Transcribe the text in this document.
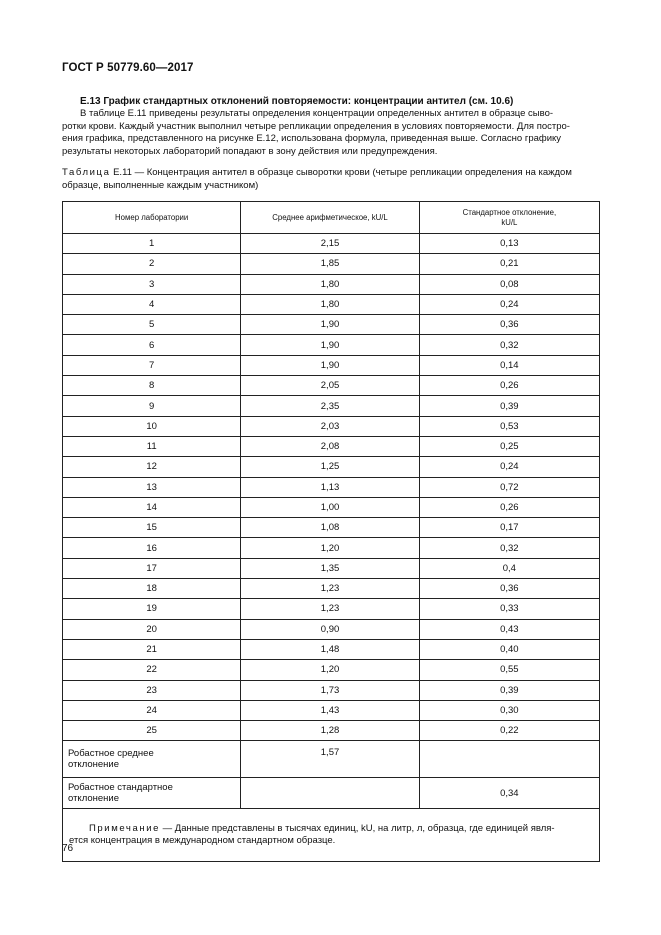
ГОСТ Р 50779.60—2017
E.13 График стандартных отклонений повторяемости: концентрации антител (см. 10.6)
В таблице Е.11 приведены результаты определения концентрации определенных антител в образце сыво-
ротки крови. Каждый участник выполнил четыре репликации определения в условиях повторяемости. Для постро-
ения графика, представленного на рисунке Е.12, использована формула, приведенная выше. Согласно графику
результаты некоторых лабораторий попадают в зону действия или предупреждения.
Таблица E.11 — Концентрация антител в образце сыворотки крови (четыре репликации определения на каждом
образце, выполненные каждым участником)
Номер лаборатории	Среднее арифметическое, kU/L	Стандартное отклонение,
kU/L
1	2,15	0,13
2	1,85	0,21
3	1,80	0,08
4	1,80	0,24
5	1,90	0,36
6	1,90	0,32
7	1,90	0,14
8	2,05	0,26
9	2,35	0,39
10	2,03	0,53
11	2,08	0,25
12	1,25	0,24
13	1,13	0,72
14	1,00	0,26
15	1,08	0,17
16	1,20	0,32
17	1,35	0,4
18	1,23	0,36
19	1,23	0,33
20	0,90	0,43
21	1,48	0,40
22	1,20	0,55
23	1,73	0,39
24	1,43	0,30
25	1,28	0,22
Робастное среднее
отклонение	1,57	
Робастное стандартное
отклонение		0,34

Примечание — Данные представлены в тысячах единиц, kU, на литр, л, образца, где единицей явля-
ется концентрация в международном стандартном образце.		
76
